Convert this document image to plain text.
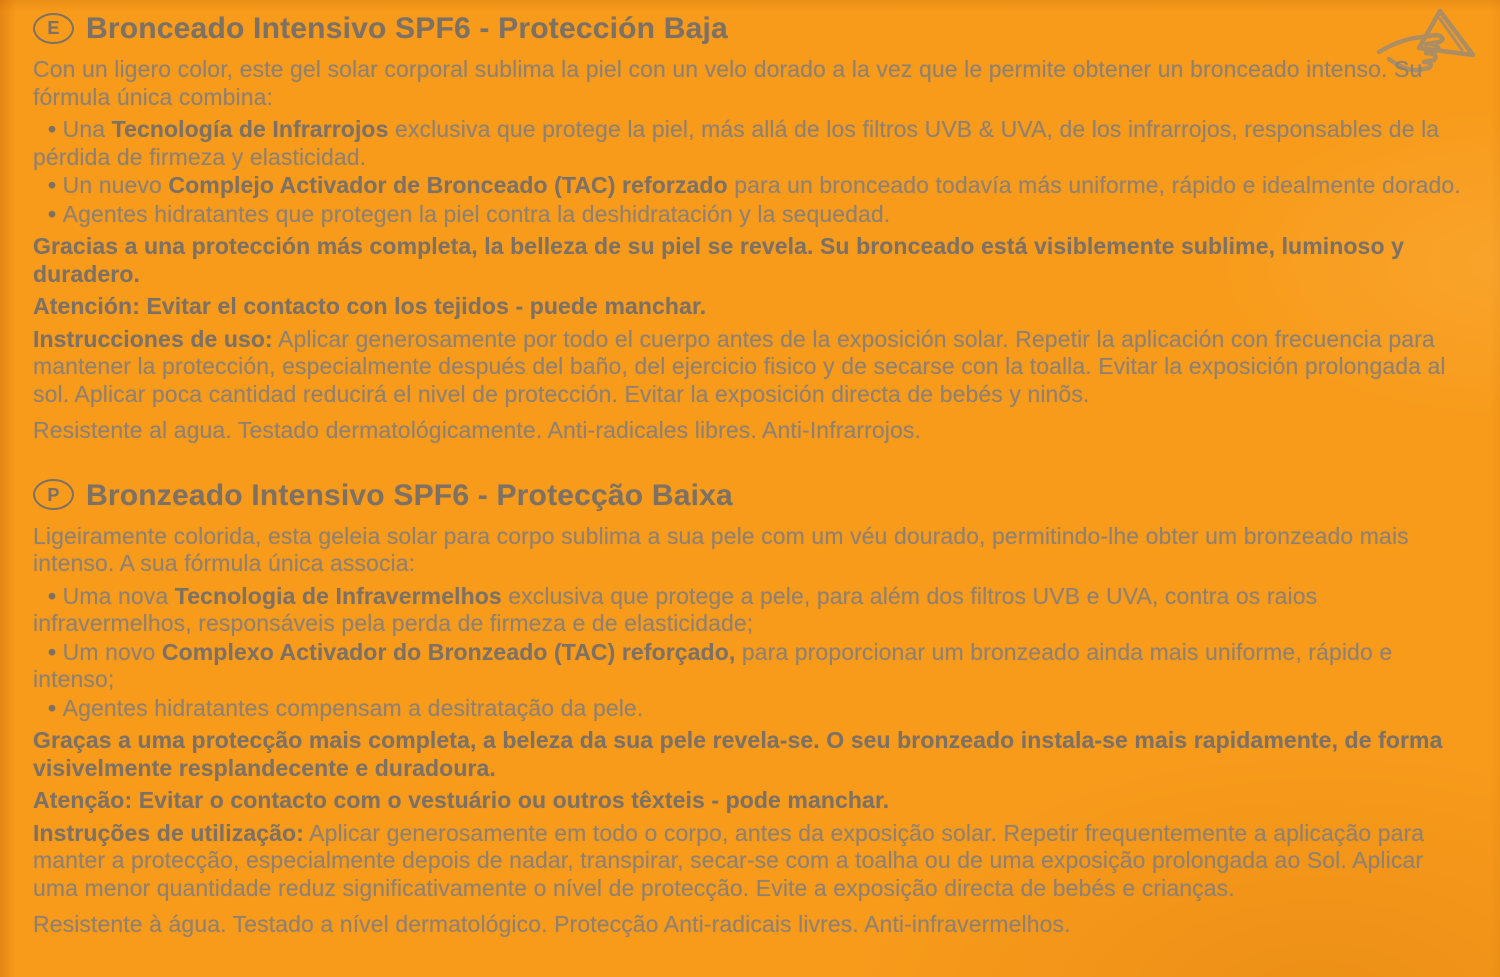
E Bronceado Intensivo SPF6 - Protección Baja

Con un ligero color, este gel solar corporal sublima la piel con un velo dorado a la vez que le permite obtener un bronceado intenso. Su fórmula única combina:

• Una Tecnología de Infrarrojos exclusiva que protege la piel, más allá de los filtros UVB & UVA, de los infrarrojos, responsables de la pérdida de firmeza y elasticidad.

• Un nuevo Complejo Activador de Bronceado (TAC) reforzado para un bronceado todavía más uniforme, rápido e idealmente dorado.

• Agentes hidratantes que protegen la piel contra la deshidratación y la sequedad.

Gracias a una protección más completa, la belleza de su piel se revela. Su bronceado está visiblemente sublime, luminoso y duradero.

Atención: Evitar el contacto con los tejidos - puede manchar.

Instrucciones de uso: Aplicar generosamente por todo el cuerpo antes de la exposición solar. Repetir la aplicación con frecuencia para mantener la protección, especialmente después del baño, del ejercicio fisico y de secarse con la toalla. Evitar la exposición prolongada al sol. Aplicar poca cantidad reducirá el nivel de protección. Evitar la exposición directa de bebés y ninõs.

Resistente al agua. Testado dermatológicamente. Anti-radicales libres. Anti-Infrarrojos.

P Bronzeado Intensivo SPF6 - Protecção Baixa

Ligeiramente colorida, esta geleia solar para corpo sublima a sua pele com um véu dourado, permitindo-lhe obter um bronzeado mais intenso. A sua fórmula única associa:

• Uma nova Tecnologia de Infravermelhos exclusiva que protege a pele, para além dos filtros UVB e UVA, contra os raios infravermelhos, responsáveis pela perda de firmeza e de elasticidade;

• Um novo Complexo Activador do Bronzeado (TAC) reforçado, para proporcionar um bronzeado ainda mais uniforme, rápido e intenso;

• Agentes hidratantes compensam a desitratação da pele.

Graças a uma protecção mais completa, a beleza da sua pele revela-se. O seu bronzeado instala-se mais rapidamente, de forma visivelmente resplandecente e duradoura.

Atenção: Evitar o contacto com o vestuário ou outros têxteis - pode manchar.

Instruções de utilização: Aplicar generosamente em todo o corpo, antes da exposição solar. Repetir frequentemente a aplicação para manter a protecção, especialmente depois de nadar, transpirar, secar-se com a toalha ou de uma exposição prolongada ao Sol. Aplicar uma menor quantidade reduz significativamente o nível de protecção. Evite a exposição directa de bebés e crianças.

Resistente à água. Testado a nível dermatológico. Protecção Anti-radicais livres. Anti-infravermelhos.
